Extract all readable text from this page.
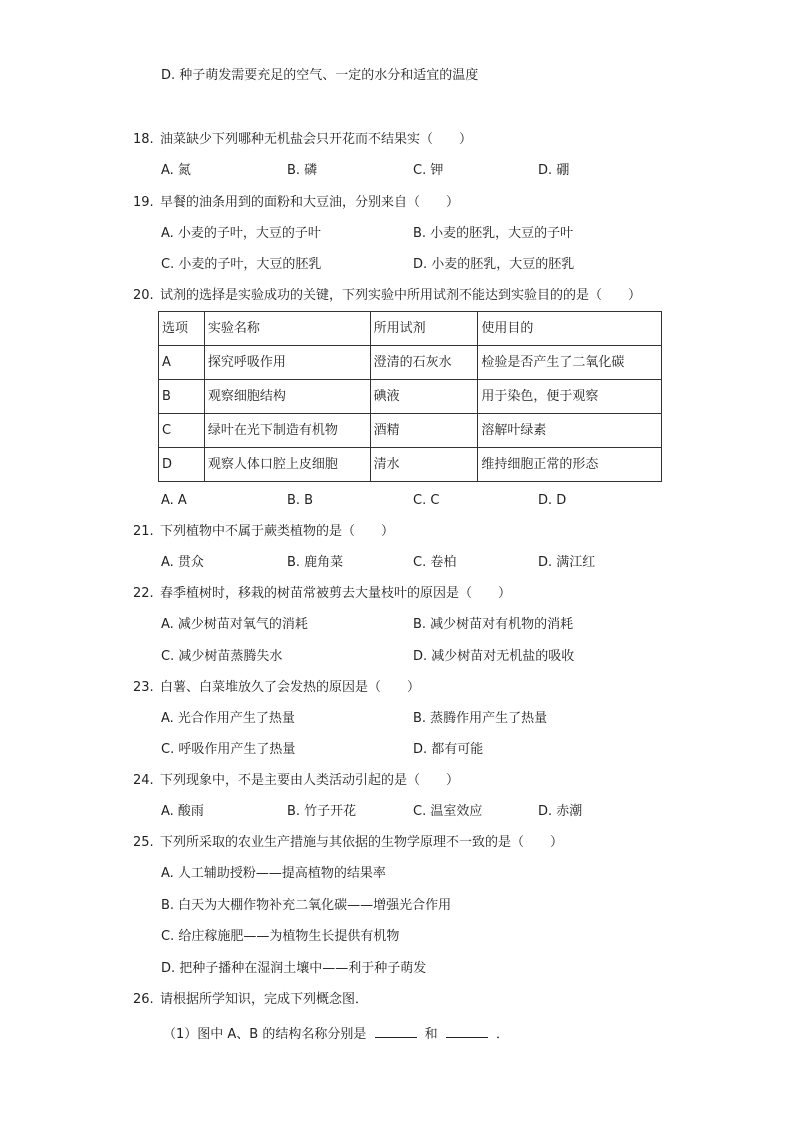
D. 种子萌发需要充足的空气、一定的水分和适宜的温度
18. 油菜缺少下列哪种无机盐会只开花而不结果实（　　）
A. 氮	B. 磷	C. 钾	D. 硼
19. 早餐的油条用到的面粉和大豆油，分别来自（　　）
A. 小麦的子叶，大豆的子叶	B. 小麦的胚乳，大豆的子叶
C. 小麦的子叶，大豆的胚乳	D. 小麦的胚乳，大豆的胚乳
20. 试剂的选择是实验成功的关键，下列实验中所用试剂不能达到实验目的的是（　　）
选项	实验名称	所用试剂	使用目的
A	探究呼吸作用	澄清的石灰水	检验是否产生了二氧化碳
B	观察细胞结构	碘液	用于染色，便于观察
C	绿叶在光下制造有机物	酒精	溶解叶绿素
D	观察人体口腔上皮细胞	清水	维持细胞正常的形态
A. A	B. B	C. C	D. D
21. 下列植物中不属于蕨类植物的是（　　）
A. 贯众	B. 鹿角菜	C. 卷柏	D. 满江红
22. 春季植树时，移栽的树苗常被剪去大量枝叶的原因是（　　）
A. 减少树苗对氧气的消耗	B. 减少树苗对有机物的消耗
C. 减少树苗蒸腾失水	D. 减少树苗对无机盐的吸收
23. 白薯、白菜堆放久了会发热的原因是（　　）
A. 光合作用产生了热量	B. 蒸腾作用产生了热量
C. 呼吸作用产生了热量	D. 都有可能
24. 下列现象中，不是主要由人类活动引起的是（　　）
A. 酸雨	B. 竹子开花	C. 温室效应	D. 赤潮
25. 下列所采取的农业生产措施与其依据的生物学原理不一致的是（　　）
A. 人工辅助授粉——提高植物的结果率
B. 白天为大棚作物补充二氧化碳——增强光合作用
C. 给庄稼施肥——为植物生长提供有机物
D. 把种子播种在湿润土壤中——利于种子萌发
26. 请根据所学知识，完成下列概念图．
（1）图中 A、B 的结构名称分别是	和	．
